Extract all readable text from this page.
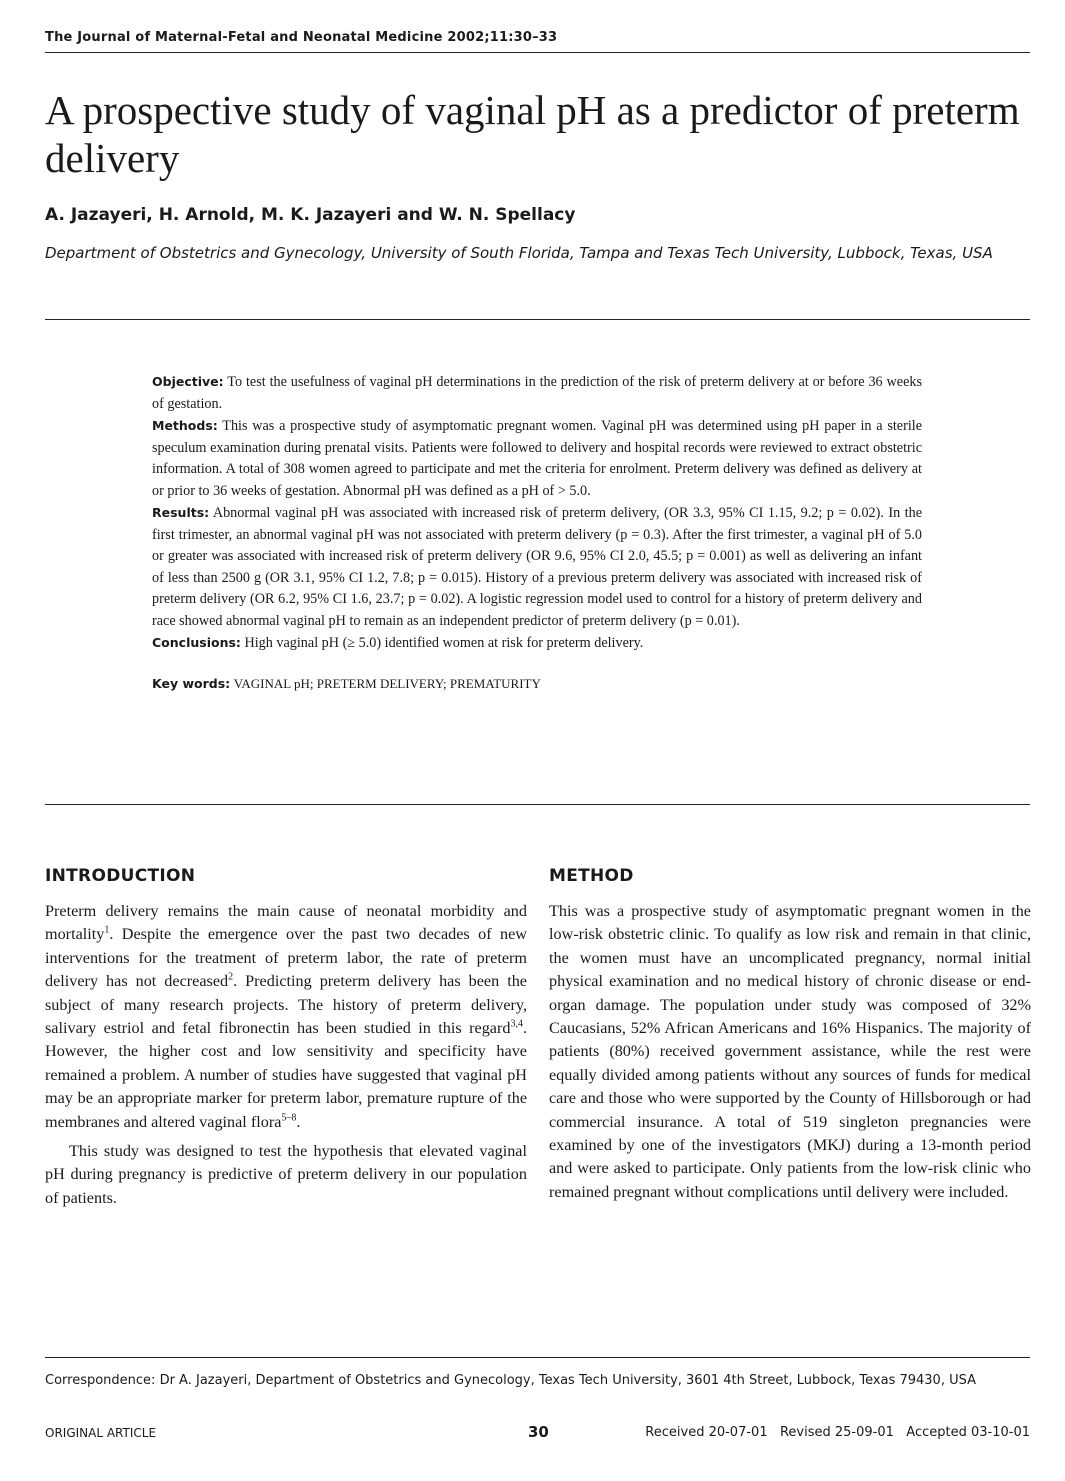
The Journal of Maternal-Fetal and Neonatal Medicine 2002;11:30–33
A prospective study of vaginal pH as a predictor of preterm delivery
A. Jazayeri, H. Arnold, M. K. Jazayeri and W. N. Spellacy
Department of Obstetrics and Gynecology, University of South Florida, Tampa and Texas Tech University, Lubbock, Texas, USA

Objective: To test the usefulness of vaginal pH determinations in the prediction of the risk of preterm delivery at or before 36 weeks of gestation.

Methods: This was a prospective study of asymptomatic pregnant women. Vaginal pH was determined using pH paper in a sterile speculum examination during prenatal visits. Patients were followed to delivery and hospital records were reviewed to extract obstetric information. A total of 308 women agreed to participate and met the criteria for enrolment. Preterm delivery was defined as delivery at or prior to 36 weeks of gestation. Abnormal pH was defined as a pH of > 5.0.

Results: Abnormal vaginal pH was associated with increased risk of preterm delivery, (OR 3.3, 95% CI 1.15, 9.2; p = 0.02). In the first trimester, an abnormal vaginal pH was not associated with preterm delivery (p = 0.3). After the first trimester, a vaginal pH of 5.0 or greater was associated with increased risk of preterm delivery (OR 9.6, 95% CI 2.0, 45.5; p = 0.001) as well as delivering an infant of less than 2500 g (OR 3.1, 95% CI 1.2, 7.8; p = 0.015). History of a previous preterm delivery was associated with increased risk of preterm delivery (OR 6.2, 95% CI 1.6, 23.7; p = 0.02). A logistic regression model used to control for a history of preterm delivery and race showed abnormal vaginal pH to remain as an independent predictor of preterm delivery (p = 0.01).

Conclusions: High vaginal pH (≥ 5.0) identified women at risk for preterm delivery.

Key words: VAGINAL pH; PRETERM DELIVERY; PREMATURITY

INTRODUCTION

Preterm delivery remains the main cause of neonatal morbidity and mortality$^1$. Despite the emergence over the past two decades of new interventions for the treatment of preterm labor, the rate of preterm delivery has not decreased$^2$. Predicting preterm delivery has been the subject of many research projects. The history of preterm delivery, salivary estriol and fetal fibronectin has been studied in this regard$^{3,4}$. However, the higher cost and low sensitivity and specificity have remained a problem. A number of studies have suggested that vaginal pH may be an appropriate marker for preterm labor, premature rupture of the membranes and altered vaginal flora$^{5-8}$.

This study was designed to test the hypothesis that elevated vaginal pH during pregnancy is predictive of preterm delivery in our population of patients.

METHOD

This was a prospective study of asymptomatic pregnant women in the low-risk obstetric clinic. To qualify as low risk and remain in that clinic, the women must have an uncomplicated pregnancy, normal initial physical examination and no medical history of chronic disease or end-organ damage. The population under study was composed of 32% Caucasians, 52% African Americans and 16% Hispanics. The majority of patients (80%) received government assistance, while the rest were equally divided among patients without any sources of funds for medical care and those who were supported by the County of Hillsborough or had commercial insurance. A total of 519 singleton pregnancies were examined by one of the investigators (MKJ) during a 13-month period and were asked to participate. Only patients from the low-risk clinic who remained pregnant without complications until delivery were included.

Correspondence: Dr A. Jazayeri, Department of Obstetrics and Gynecology, Texas Tech University, 3601 4th Street, Lubbock, Texas 79430, USA
ORIGINAL ARTICLE	30	Received 20-07-01   Revised 25-09-01   Accepted 03-10-01
